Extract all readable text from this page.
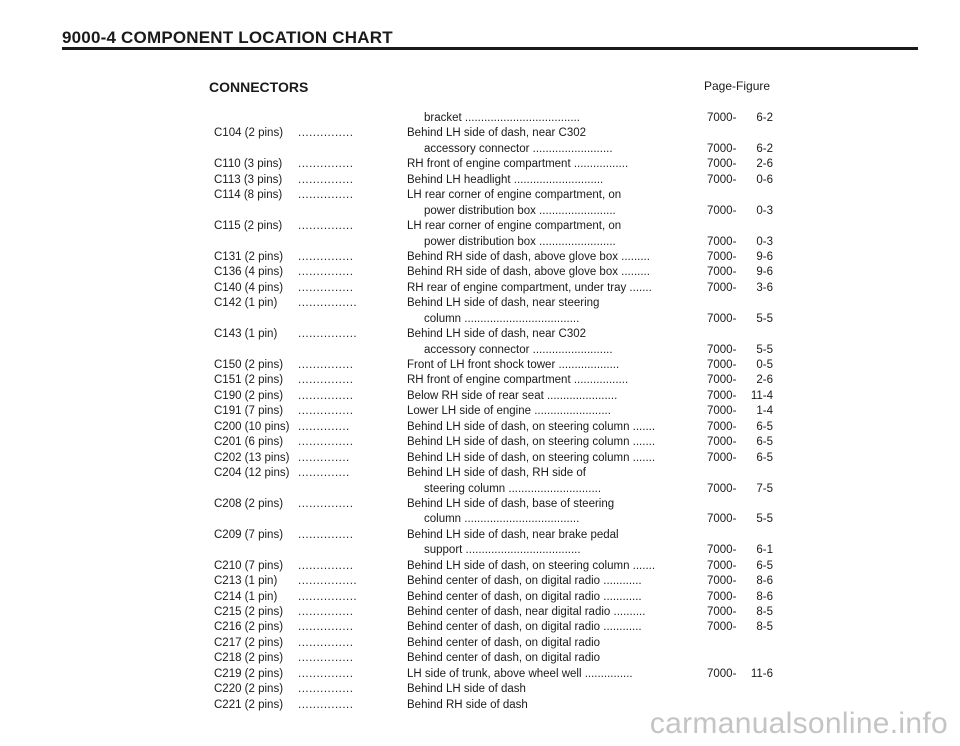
9000-4 COMPONENT LOCATION CHART
CONNECTORS	Page-Figure
bracket ....................................	7000-	6-2
C104 (2 pins) ...............	Behind LH side of dash, near C302
accessory connector .........................	7000-	6-2
C110 (3 pins) ...............	RH front of engine compartment .................	7000-	2-6
C113 (3 pins) ...............	Behind LH headlight ............................	7000-	0-6
C114 (8 pins) ...............	LH rear corner of engine compartment, on
power distribution box ........................	7000-	0-3
C115 (2 pins) ...............	LH rear corner of engine compartment, on
power distribution box ........................	7000-	0-3
C131 (2 pins) ...............	Behind RH side of dash, above glove box .........	7000-	9-6
C136 (4 pins) ...............	Behind RH side of dash, above glove box .........	7000-	9-6
C140 (4 pins) ...............	RH rear of engine compartment, under tray .......	7000-	3-6
C142 (1 pin) ................	Behind LH side of dash, near steering
column ....................................	7000-	5-5
C143 (1 pin) ................	Behind LH side of dash, near C302
accessory connector .........................	7000-	5-5
C150 (2 pins) ...............	Front of LH front shock tower ...................	7000-	0-5
C151 (2 pins) ...............	RH front of engine compartment .................	7000-	2-6
C190 (2 pins) ...............	Below RH side of rear seat ......................	7000-	11-4
C191 (7 pins) ...............	Lower LH side of engine ........................	7000-	1-4
C200 (10 pins) ..............	Behind LH side of dash, on steering column .......	7000-	6-5
C201 (6 pins) ...............	Behind LH side of dash, on steering column .......	7000-	6-5
C202 (13 pins) ..............	Behind LH side of dash, on steering column .......	7000-	6-5
C204 (12 pins) ..............	Behind LH side of dash, RH side of
steering column .............................	7000-	7-5
C208 (2 pins) ...............	Behind LH side of dash, base of steering
column ....................................	7000-	5-5
C209 (7 pins) ...............	Behind LH side of dash, near brake pedal
support ....................................	7000-	6-1
C210 (7 pins) ...............	Behind LH side of dash, on steering column .......	7000-	6-5
C213 (1 pin) ................	Behind center of dash, on digital radio ............	7000-	8-6
C214 (1 pin) ................	Behind center of dash, on digital radio ............	7000-	8-6
C215 (2 pins) ...............	Behind center of dash, near digital radio ..........	7000-	8-5
C216 (2 pins) ...............	Behind center of dash, on digital radio ............	7000-	8-5
C217 (2 pins) ...............	Behind center of dash, on digital radio
C218 (2 pins) ...............	Behind center of dash, on digital radio
C219 (2 pins) ...............	LH side of trunk, above wheel well ...............	7000-	11-6
C220 (2 pins) ...............	Behind LH side of dash
C221 (2 pins) ...............	Behind RH side of dash
carmanualsonline.info
